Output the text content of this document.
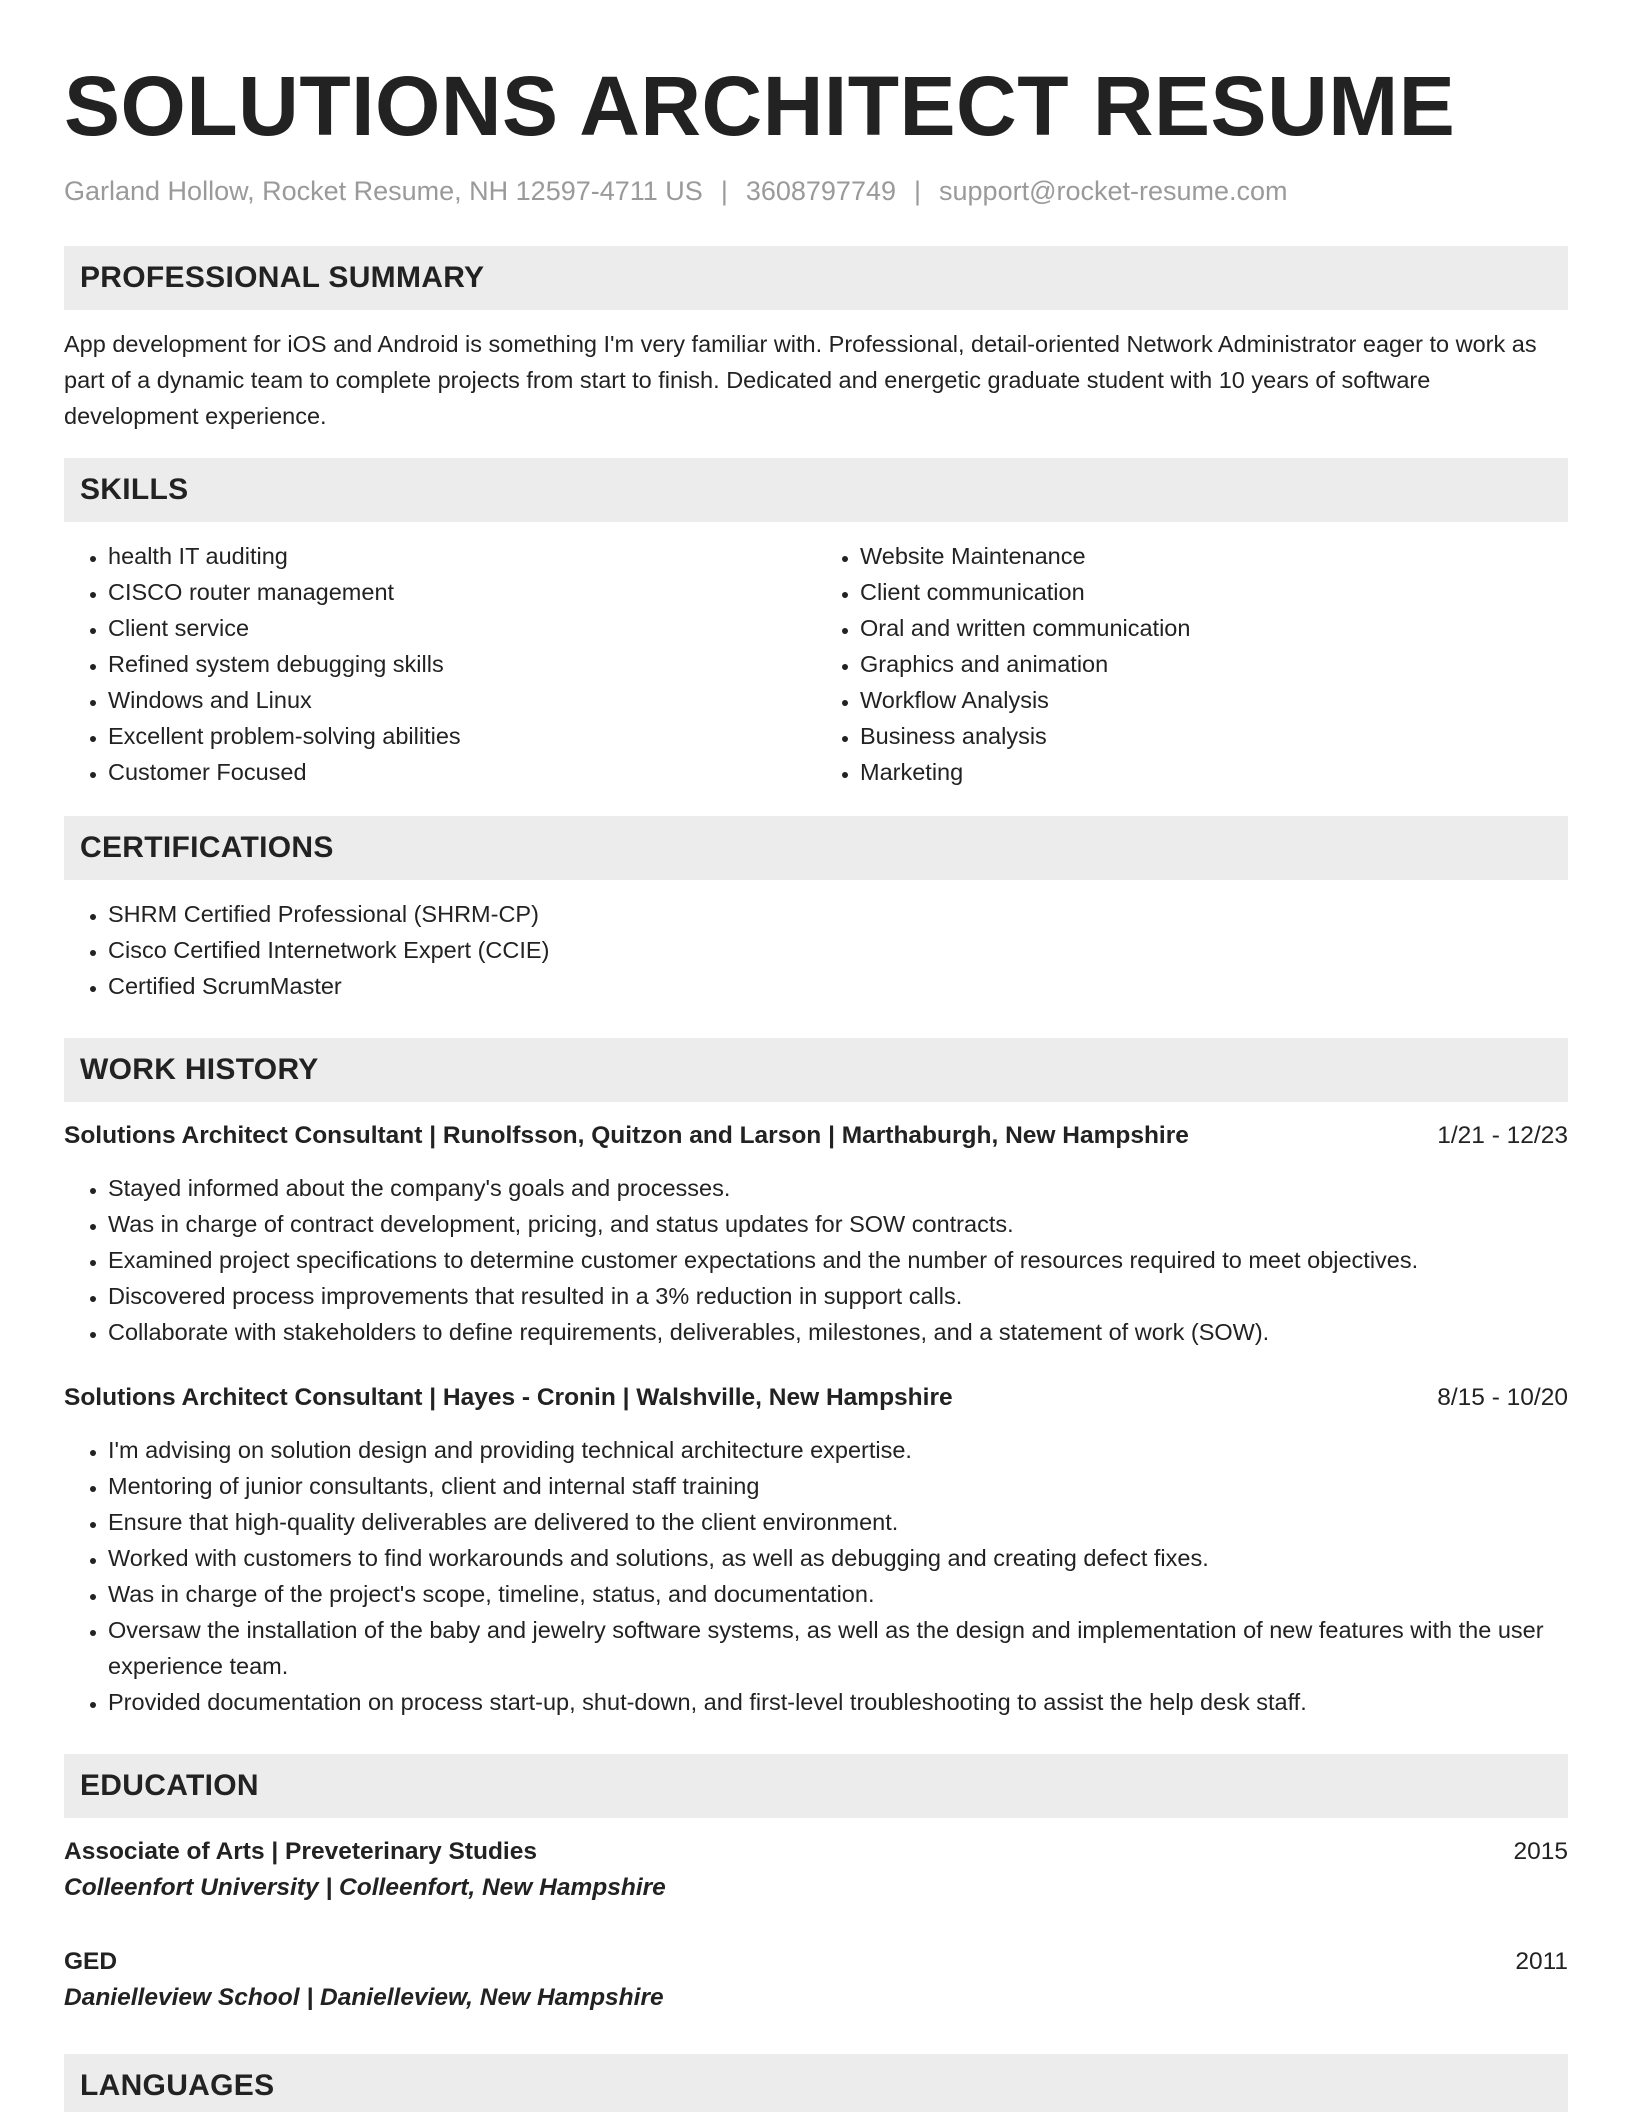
SOLUTIONS ARCHITECT RESUME
Garland Hollow, Rocket Resume, NH 12597-4711 US | 3608797749 | support@rocket-resume.com
PROFESSIONAL SUMMARY

App development for iOS and Android is something I'm very familiar with. Professional, detail-oriented Network Administrator eager to work as part of a dynamic team to complete projects from start to finish. Dedicated and energetic graduate student with 10 years of software development experience.

SKILLS
• health IT auditing
• CISCO router management
• Client service
• Refined system debugging skills
• Windows and Linux
• Excellent problem-solving abilities
• Customer Focused
• Website Maintenance
• Client communication
• Oral and written communication
• Graphics and animation
• Workflow Analysis
• Business analysis
• Marketing
CERTIFICATIONS
• SHRM Certified Professional (SHRM-CP)
• Cisco Certified Internetwork Expert (CCIE)
• Certified ScrumMaster
WORK HISTORY
Solutions Architect Consultant | Runolfsson, Quitzon and Larson | Marthaburgh, New Hampshire	1/21 - 12/23
• Stayed informed about the company's goals and processes.
• Was in charge of contract development, pricing, and status updates for SOW contracts.
• Examined project specifications to determine customer expectations and the number of resources required to meet objectives.
• Discovered process improvements that resulted in a 3% reduction in support calls.
• Collaborate with stakeholders to define requirements, deliverables, milestones, and a statement of work (SOW).
Solutions Architect Consultant | Hayes - Cronin | Walshville, New Hampshire	8/15 - 10/20
• I'm advising on solution design and providing technical architecture expertise.
• Mentoring of junior consultants, client and internal staff training
• Ensure that high-quality deliverables are delivered to the client environment.
• Worked with customers to find workarounds and solutions, as well as debugging and creating defect fixes.
• Was in charge of the project's scope, timeline, status, and documentation.
• Oversaw the installation of the baby and jewelry software systems, as well as the design and implementation of new features with the user experience team.
• Provided documentation on process start-up, shut-down, and first-level troubleshooting to assist the help desk staff.
EDUCATION
Associate of Arts | Preveterinary Studies	2015
Colleenfort University | Colleenfort, New Hampshire
GED	2011
Danielleview School | Danielleview, New Hampshire
LANGUAGES
